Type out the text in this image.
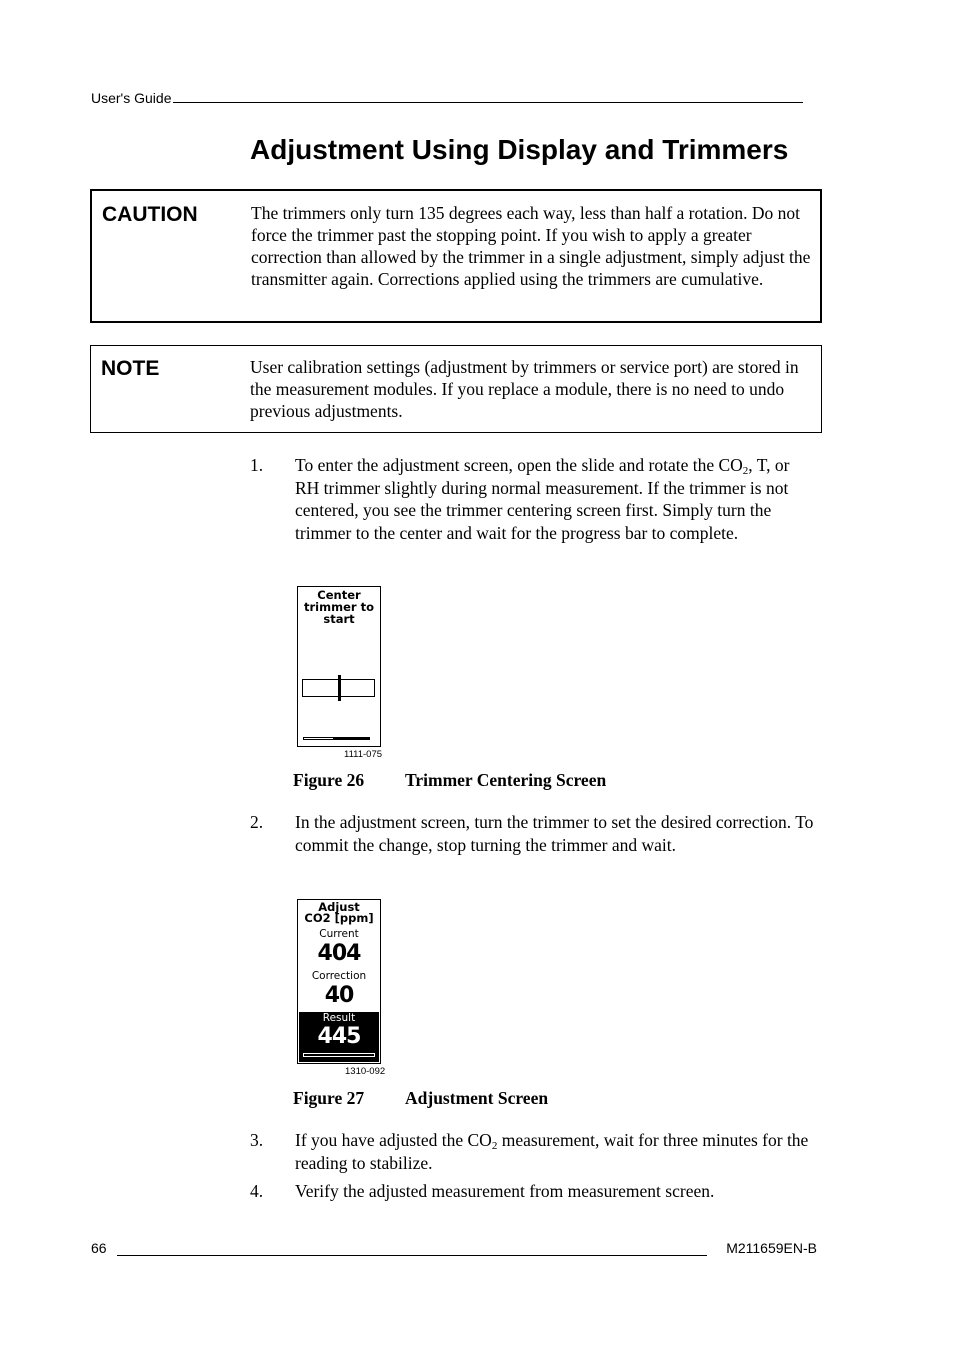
User's Guide
Adjustment Using Display and Trimmers
CAUTION	The trimmers only turn 135 degrees each way, less than half a rotation. Do not force the trimmer past the stopping point. If you wish to apply a greater correction than allowed by the trimmer in a single adjustment, simply adjust the transmitter again. Corrections applied using the trimmers are cumulative.
NOTE	User calibration settings (adjustment by trimmers or service port) are stored in the measurement modules. If you replace a module, there is no need to undo previous adjustments.
1. To enter the adjustment screen, open the slide and rotate the $CO_2$, T, or RH trimmer slightly during normal measurement. If the trimmer is not centered, you see the trimmer centering screen first. Simply turn the trimmer to the center and wait for the progress bar to complete.
Center
trimmer to
start
1111-075
Figure 26 Trimmer Centering Screen
2. In the adjustment screen, turn the trimmer to set the desired correction. To commit the change, stop turning the trimmer and wait.
Adjust
CO2 [ppm]
Current
404
Correction
40
Result
445
1310-092
Figure 27 Adjustment Screen
3. If you have adjusted the $CO_2$ measurement, wait for three minutes for the reading to stabilize.
4. Verify the adjusted measurement from measurement screen.
66	M211659EN-B
